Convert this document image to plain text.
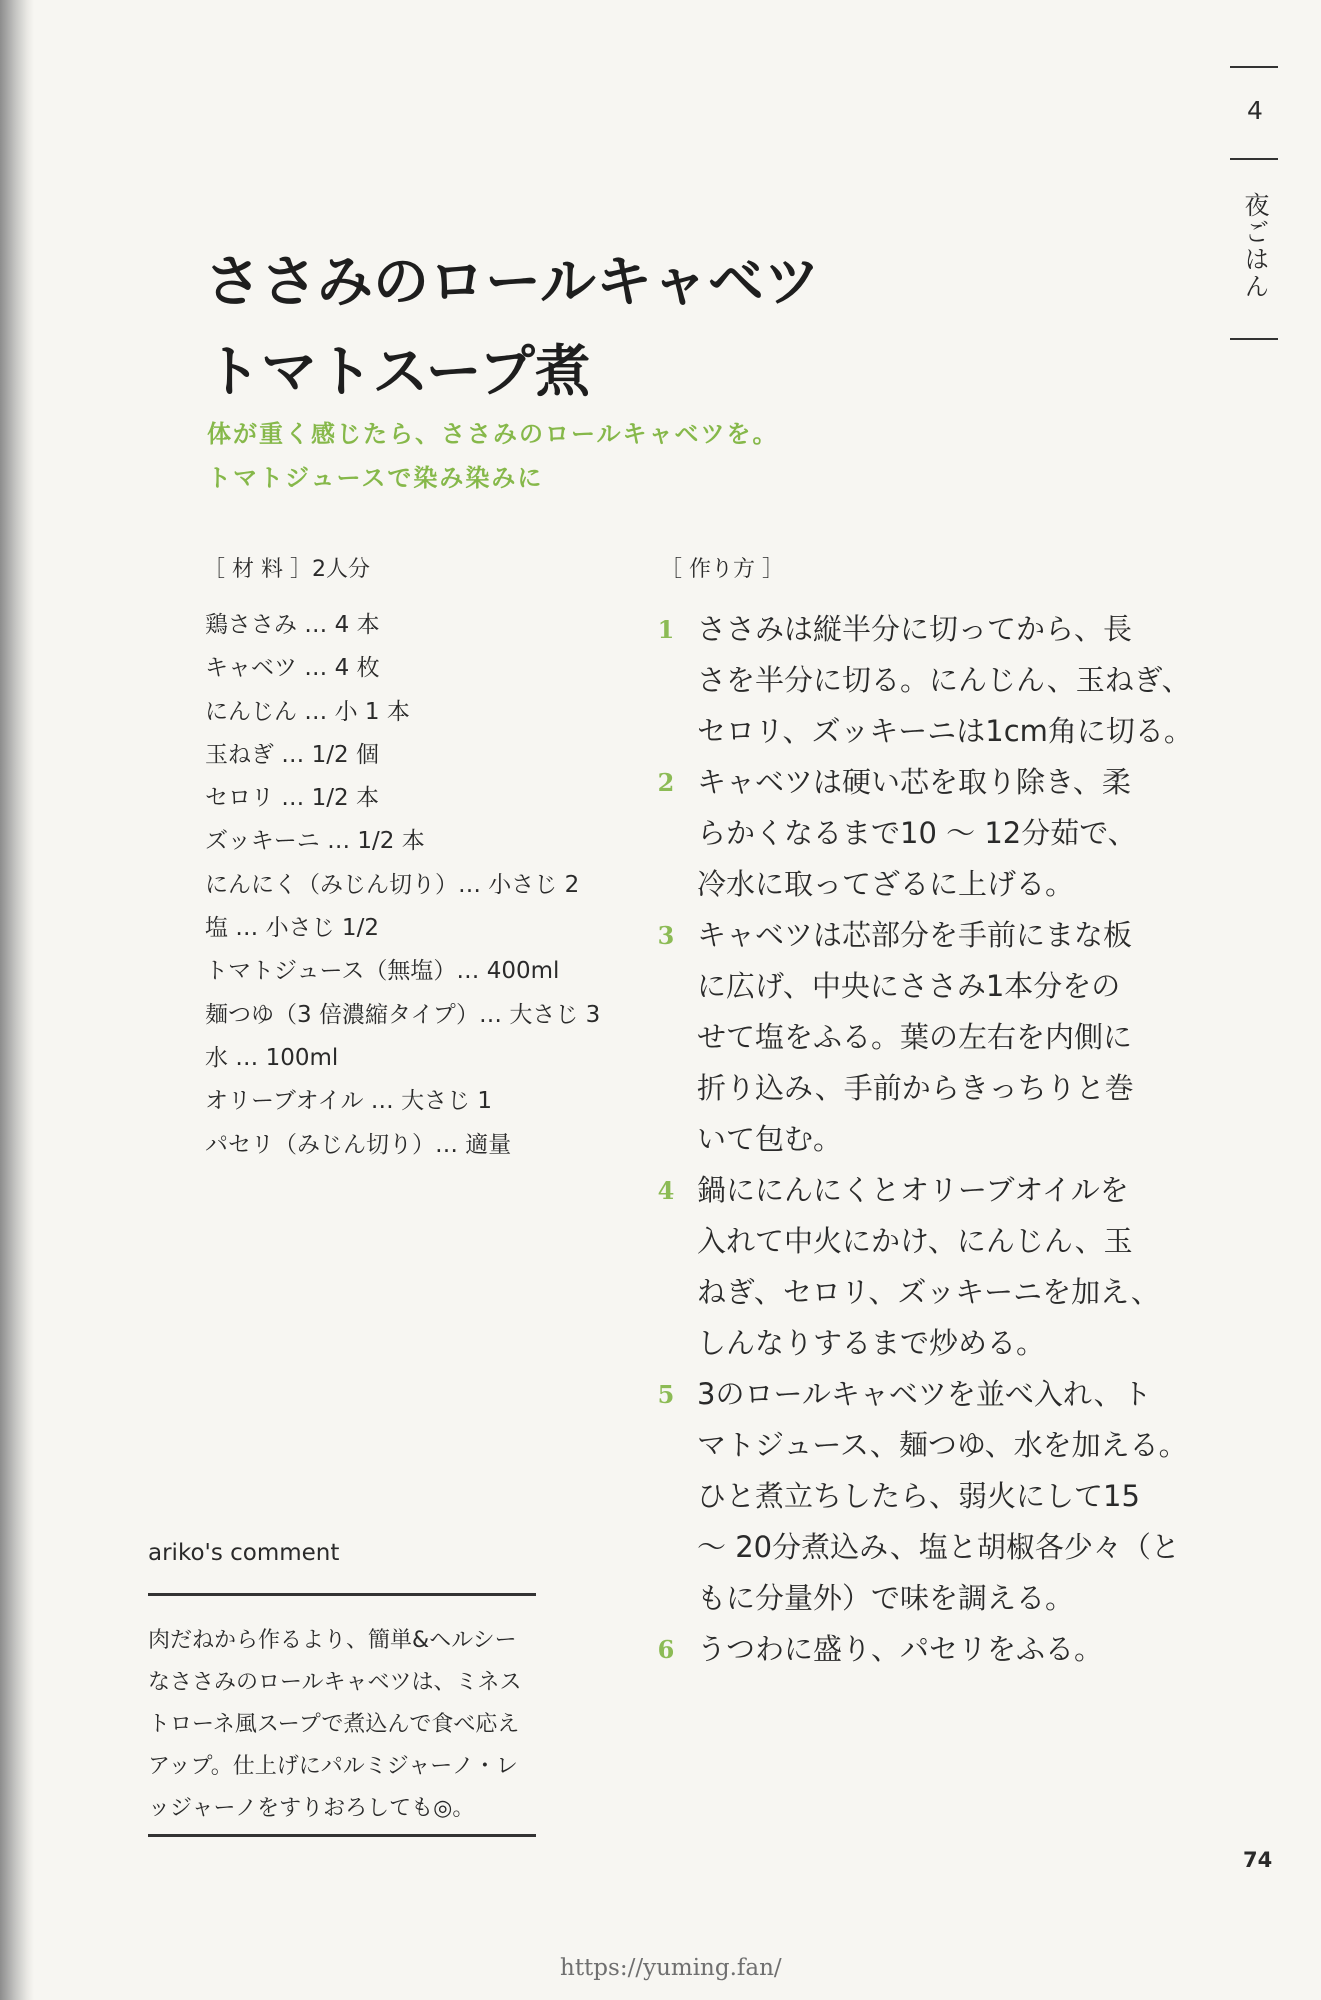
4
夜ごはん
ささみのロールキャベツ
トマトスープ煮

体が重く感じたら、ささみのロールキャベツを。
トマトジュースで染み染みに

［ 材 料 ］2人分
鶏ささみ … 4 本
キャベツ … 4 枚
にんじん … 小 1 本
玉ねぎ … 1/2 個
セロリ … 1/2 本
ズッキーニ … 1/2 本
にんにく（みじん切り）… 小さじ 2
塩 … 小さじ 1/2
トマトジュース（無塩）… 400ml
麺つゆ（3 倍濃縮タイプ）… 大さじ 3
水 … 100ml
オリーブオイル … 大さじ 1
パセリ（みじん切り）… 適量
［ 作り方 ］
1 ささみは縦半分に切ってから、長
さを半分に切る。にんじん、玉ねぎ、
セロリ、ズッキーニは1cm角に切る。
2 キャベツは硬い芯を取り除き、柔
らかくなるまで10 〜 12分茹で、
冷水に取ってざるに上げる。
3 キャベツは芯部分を手前にまな板
に広げ、中央にささみ1本分をの
せて塩をふる。葉の左右を内側に
折り込み、手前からきっちりと巻
いて包む。
4 鍋ににんにくとオリーブオイルを
入れて中火にかけ、にんじん、玉
ねぎ、セロリ、ズッキーニを加え、
しんなりするまで炒める。
5 3のロールキャベツを並べ入れ、ト
マトジュース、麺つゆ、水を加える。
ひと煮立ちしたら、弱火にして15
〜 20分煮込み、塩と胡椒各少々（と
もに分量外）で味を調える。
6 うつわに盛り、パセリをふる。
ariko's comment

肉だねから作るより、簡単&ヘルシー
なささみのロールキャベツは、ミネス
トローネ風スープで煮込んで食べ応え
アップ。仕上げにパルミジャーノ・レ
ッジャーノをすりおろしても◎。

74
https://yuming.fan/
